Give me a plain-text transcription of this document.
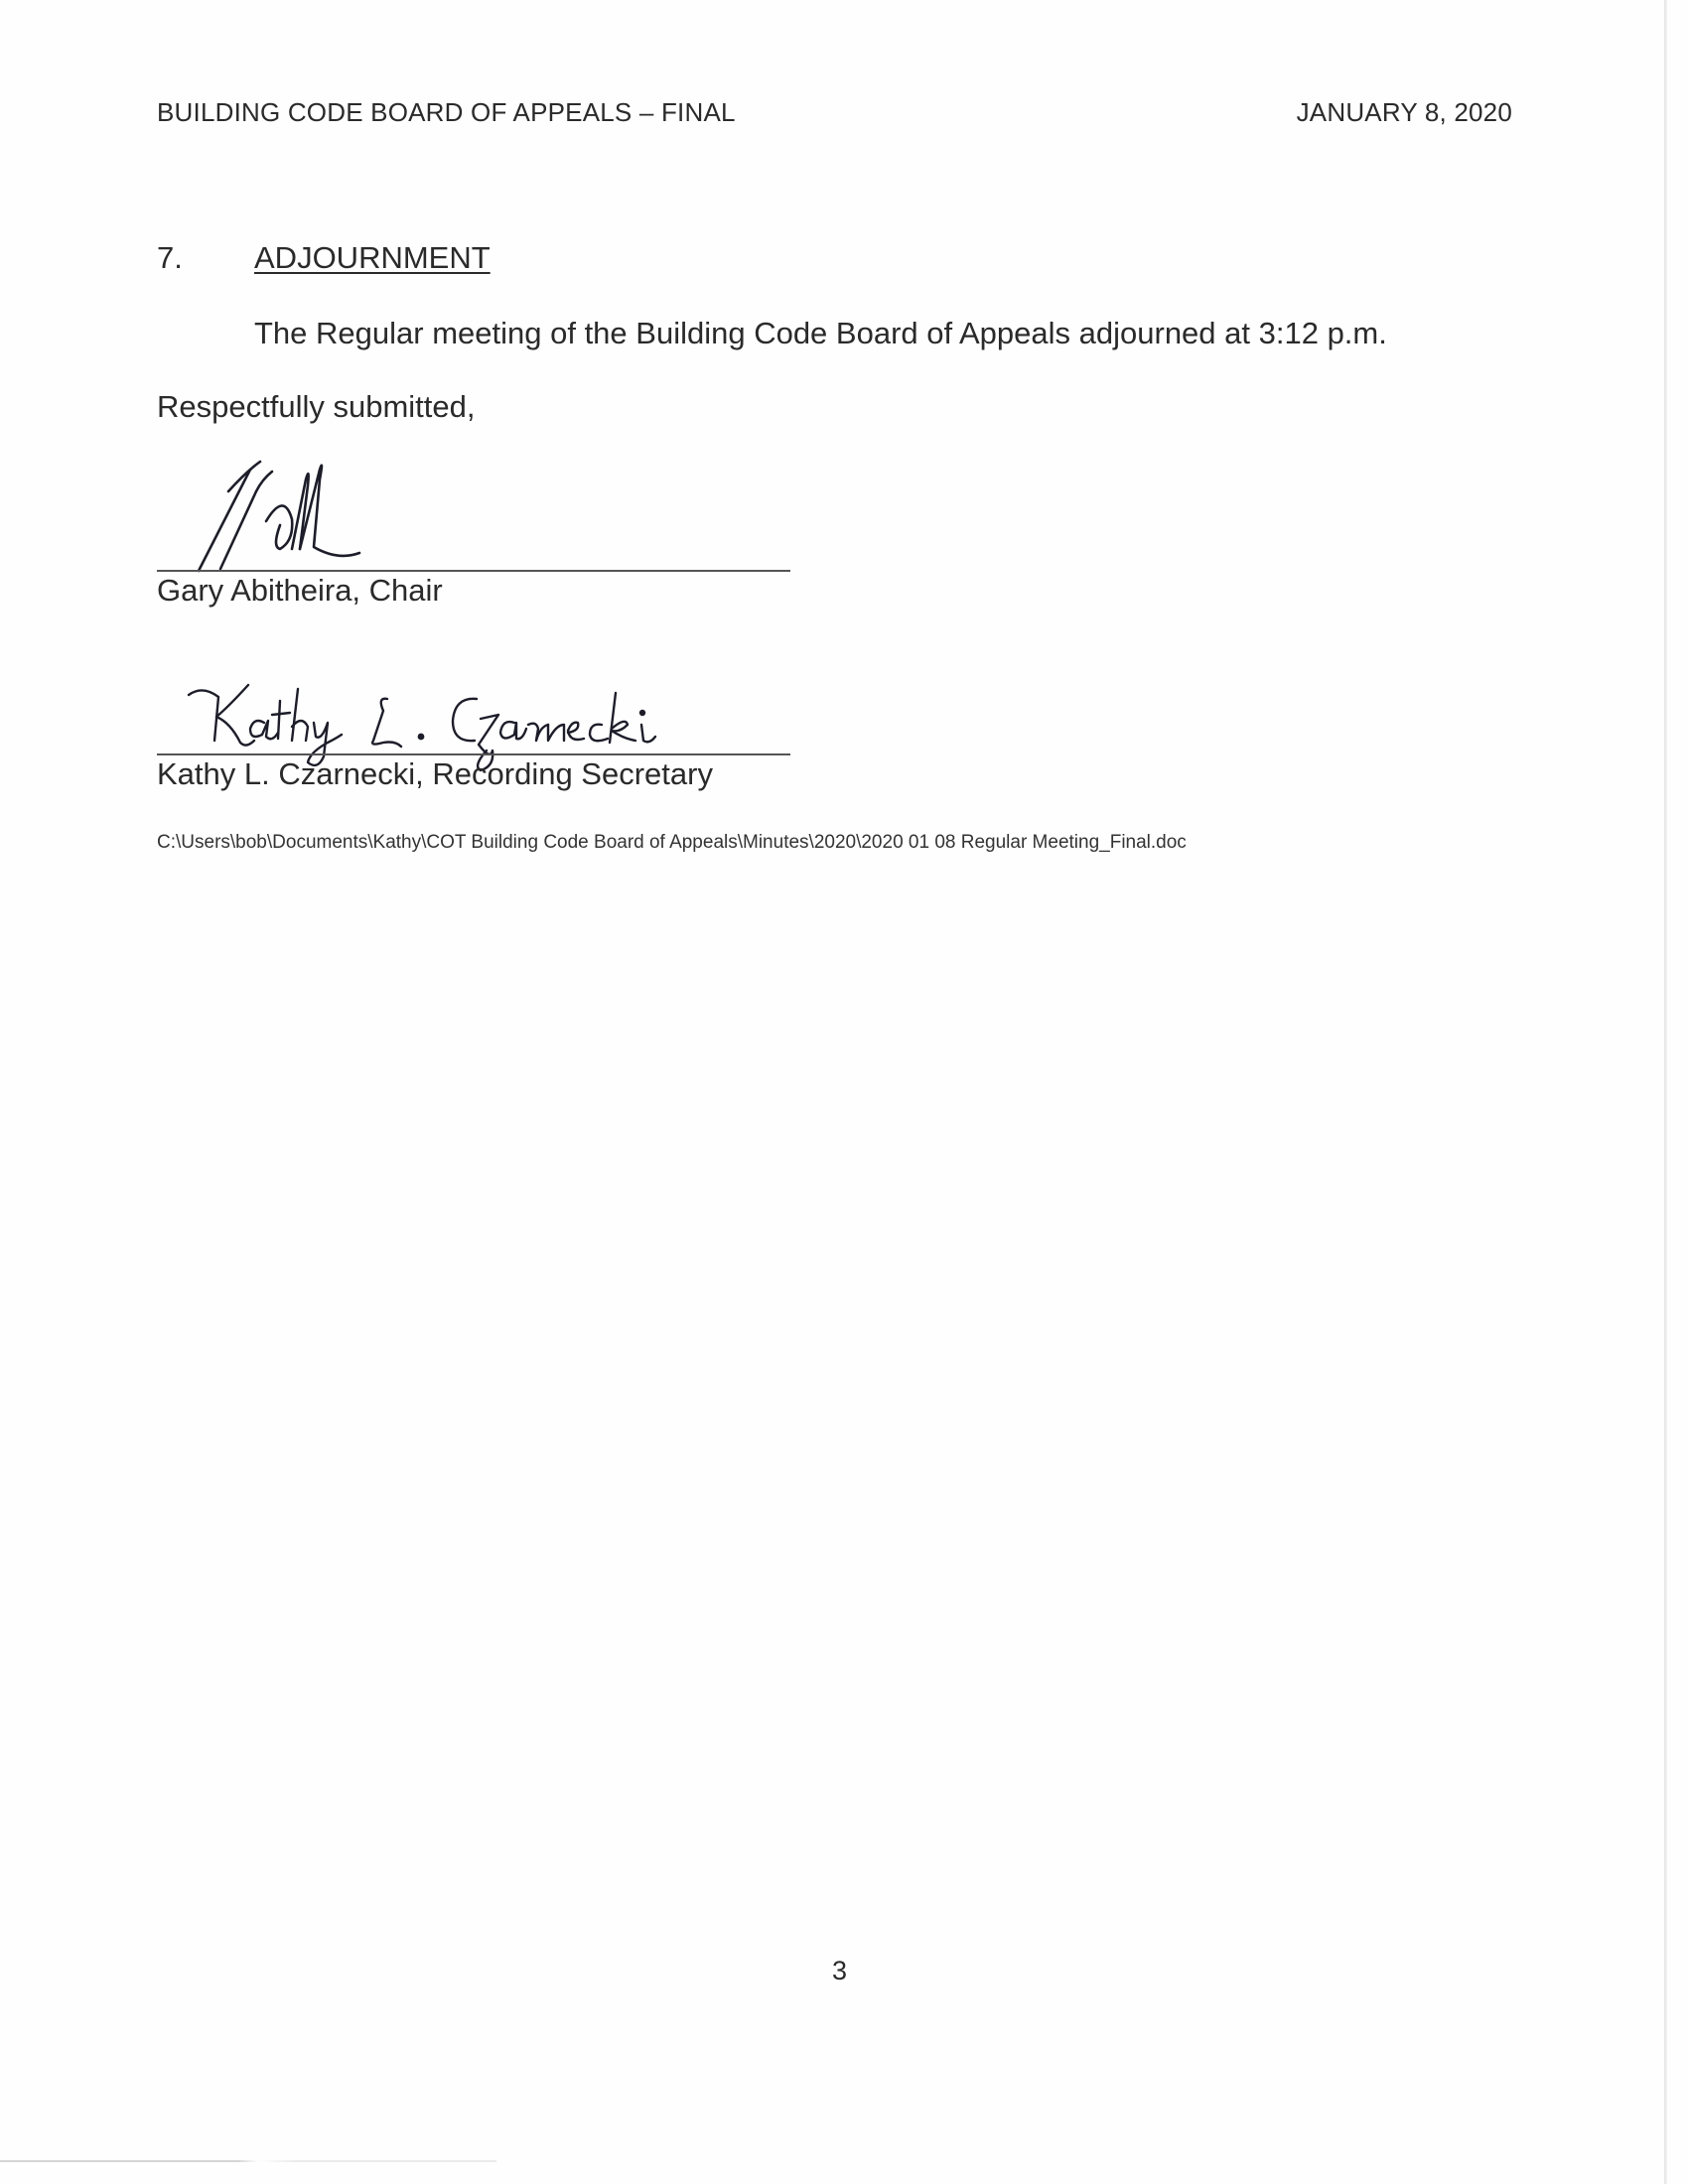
BUILDING CODE BOARD OF APPEALS – FINAL	JANUARY 8, 2020
7. ADJOURNMENT
The Regular meeting of the Building Code Board of Appeals adjourned at 3:12 p.m.
Respectfully submitted,
Gary Abitheira, Chair
Kathy L. Czarnecki, Recording Secretary
C:\Users\bob\Documents\Kathy\COT Building Code Board of Appeals\Minutes\2020\2020 01 08 Regular Meeting_Final.doc
3
